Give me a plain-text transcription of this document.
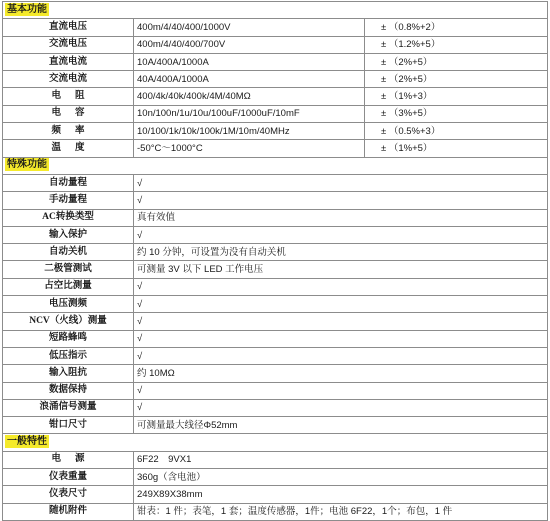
基本功能		
直流电压	400m/4/40/400/1000V	± （0.8%+2）
交流电压	400m/4/40/400/700V	± （1.2%+5）
直流电流	10A/400A/1000A	± （2%+5）
交流电流	40A/400A/1000A	± （2%+5）
电阻	400/4k/40k/400k/4M/40MΩ	± （1%+3）
电容	10n/100n/1u/10u/100uF/1000uF/10mF	± （3%+5）
频率	10/100/1k/10k/100k/1M/10m/40MHz	± （0.5%+3）
温度	-50°C～1000°C	± （1%+5）
特殊功能		
自动量程	√	
手动量程	√	
AC转换类型	真有效值	
输入保护	√	
自动关机	约 10 分钟，可设置为没有自动关机	
二极管测试	可测量 3V 以下 LED 工作电压	
占空比测量	√	
电压测频	√	
NCV（火线）测量	√	
短路蜂鸣	√	
低压指示	√	
输入阻抗	约 10MΩ	
数据保持	√	
浪涌信号测量	√	
钳口尺寸	可测量最大线径Φ52mm	
一般特性		
电源	6F22　9VX1	
仪表重量	360g（含电池）	
仪表尺寸	249X89X38mm	
随机附件	钳表：1 件；表笔，1 套；温度传感器，1件；电池 6F22，1个；布包，1 件	
